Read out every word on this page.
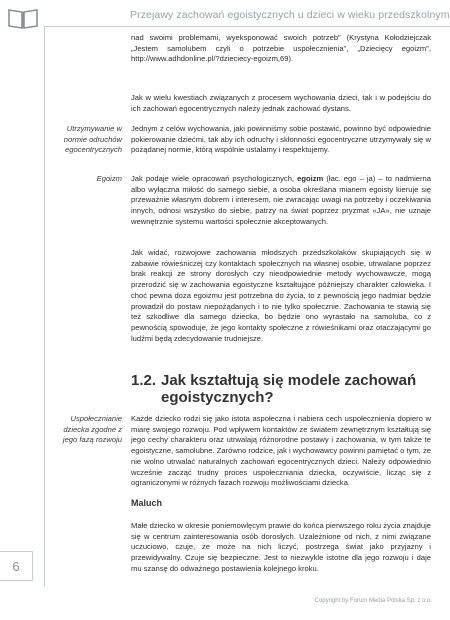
Przejawy zachowań egoistycznych u dzieci w wieku przedszkolnym
6
Utrzymywanie w normie odruchów egocentrycznych
Egoizm
Uspołecznianie dziecka zgodne z jego fazą rozwoju

nad swoimi problemami, wyeksponować swoich potrzeb" (Krystyna Kołodziejczak „Jestem samolubem czyli o potrzebie uspołecznienia", „Dziecięcy egoizm", http://www.adhdonline.pl/?dzieciecy-egoizm,69).

Jak w wielu kwestiach związanych z procesem wychowania dzieci, tak i w podejściu do ich zachowań egocentrycznych należy jednak zachować dystans.

Jednym z celów wychowania, jaki powinniśmy sobie postawić, powinno być odpowiednie pokierowanie dziećmi, tak aby ich odruchy i skłonności egocentryczne utrzymywały się w pożądanej normie, którą wspólnie ustalamy i respektujemy.

Jak podaje wiele opracowań psychologicznych, egoizm (łac. ego – ja) – to nadmierna albo wyłączna miłość do samego siebie, a osoba określana mianem egoisty kieruje się przeważnie własnym dobrem i interesem, nie zwracając uwagi na potrzeby i oczekiwania innych, odnosi wszystko do siebie, patrzy na świat poprzez pryzmat «JA», nie uznaje wewnętrznie systemu wartości społecznie akceptowanych.

Jak widać, rozwojowe zachowania młodszych przedszkolaków skupiających się w zabawie rówieśniczej czy kontaktach społecznych na własnej osobie, utrwalane poprzez brak reakcji ze strony dorosłych czy nieodpowiednie metody wychowawcze, mogą przerodzić się w zachowania egoistyczne kształtujące późniejszy charakter człowieka. I choć pewna doza egoizmu jest potrzebna do życia, to z pewnością jego nadmiar będzie prowadził do postaw niepożądanych i to nie tylko społecznie. Zachowania te stawią się też szkodliwe dla samego dziecka, bo będzie ono wyrastało na samoluba, co z pewnością spowoduje, że jego kontakty społeczne z rówieśnikami oraz otaczającymi go ludźmi będą zdecydowanie trudniejsze.

1.2. Jak kształtują się modele zachowań
egoistycznych?

Każde dziecko rodzi się jako istota aspołeczna i nabiera cech uspołecznienia dopiero w miarę swojego rozwoju. Pod wpływem kontaktów ze światem zewnętrznym kształtują się jego cechy charakteru oraz utrwalają różnorodne postawy i zachowania, w tym także te egoistyczne, samolubne. Zarówno rodzice, jak i wychowawcy powinni pamiętać o tym, że nie wolno utrwalać naturalnych zachowań egocentrycznych dzieci. Należy odpowiednio wcześnie zacząć trudny proces uspołeczniania dziecka, oczywiście, licząc się z ograniczonymi w różnych fazach rozwoju możliwościami dziecka.

Maluch

Małe dziecko w okresie poniemowlęcym prawie do końca pierwszego roku życia znajduje się w centrum zainteresowania osób dorosłych. Uzależnione od nich, z nimi związane uczuciowo, czuje, że może na nich liczyć, postrzega świat jako przyjazny i przewidywalny. Czuje się bezpieczne. Jest to niezwykle istotne dla jego rozwoju i daje mu szansę do odważnego postawienia kolejnego kroku.

Copyright by Forum Media Polska Sp. z o.o.
